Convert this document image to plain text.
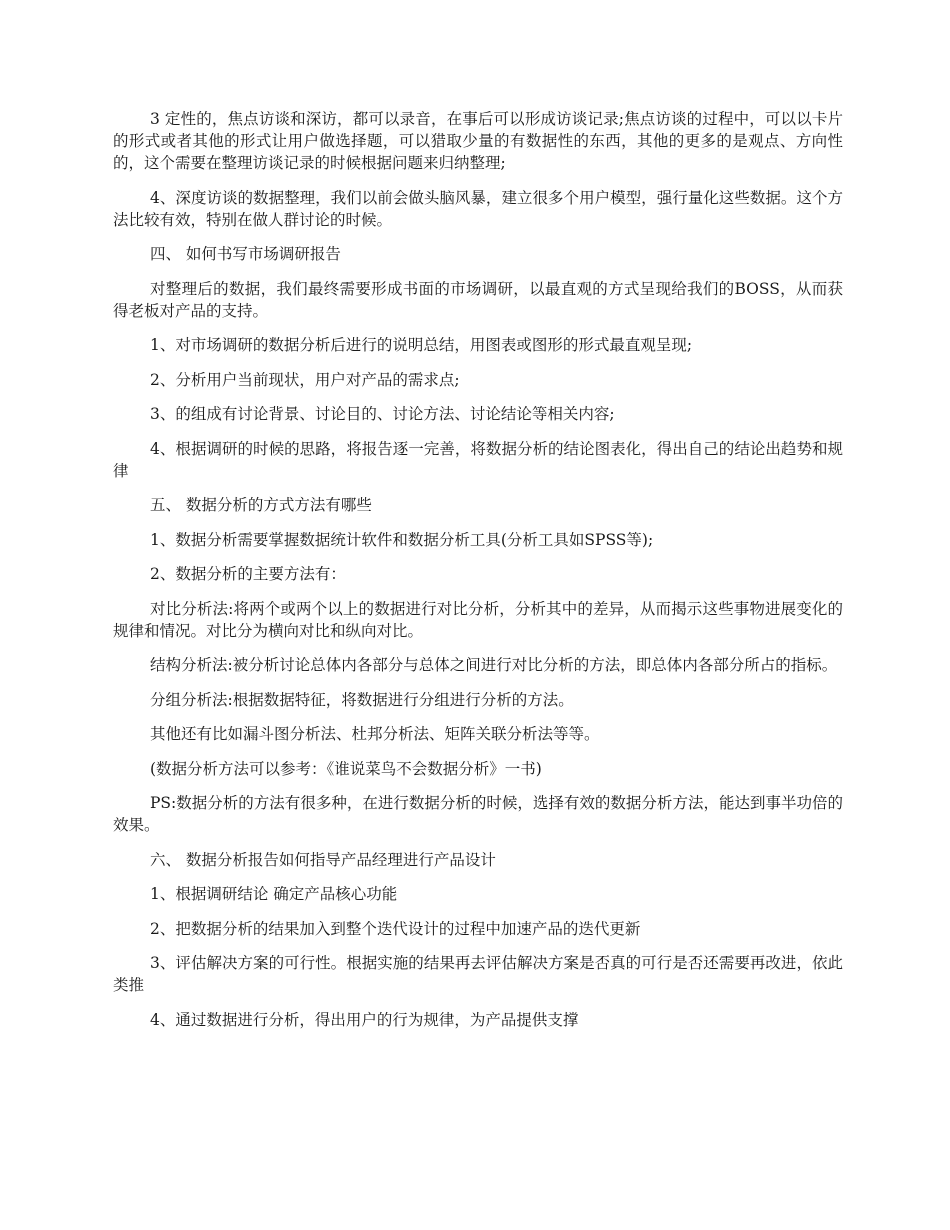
3 定性的，焦点访谈和深访，都可以录音，在事后可以形成访谈记录;焦点访谈的过程中，可以以卡片的形式或者其他的形式让用户做选择题，可以猎取少量的有数据性的东西，其他的更多的是观点、方向性的，这个需要在整理访谈记录的时候根据问题来归纳整理;

4、深度访谈的数据整理，我们以前会做头脑风暴，建立很多个用户模型，强行量化这些数据。这个方法比较有效，特别在做人群讨论的时候。

四、 如何书写市场调研报告

对整理后的数据，我们最终需要形成书面的市场调研，以最直观的方式呈现给我们的BOSS，从而获得老板对产品的支持。

1、对市场调研的数据分析后进行的说明总结，用图表或图形的形式最直观呈现;

2、分析用户当前现状，用户对产品的需求点;

3、的组成有讨论背景、讨论目的、讨论方法、讨论结论等相关内容;

4、根据调研的时候的思路，将报告逐一完善，将数据分析的结论图表化，得出自己的结论出趋势和规律

五、 数据分析的方式方法有哪些

1、数据分析需要掌握数据统计软件和数据分析工具(分析工具如SPSS等);

2、数据分析的主要方法有：

对比分析法:将两个或两个以上的数据进行对比分析，分析其中的差异，从而揭示这些事物进展变化的规律和情况。对比分为横向对比和纵向对比。

结构分析法:被分析讨论总体内各部分与总体之间进行对比分析的方法，即总体内各部分所占的指标。

分组分析法:根据数据特征，将数据进行分组进行分析的方法。

其他还有比如漏斗图分析法、杜邦分析法、矩阵关联分析法等等。

(数据分析方法可以参考：《谁说菜鸟不会数据分析》一书)

PS:数据分析的方法有很多种，在进行数据分析的时候，选择有效的数据分析方法，能达到事半功倍的效果。

六、 数据分析报告如何指导产品经理进行产品设计

1、根据调研结论 确定产品核心功能

2、把数据分析的结果加入到整个迭代设计的过程中加速产品的迭代更新

3、评估解决方案的可行性。根据实施的结果再去评估解决方案是否真的可行是否还需要再改进，依此类推

4、通过数据进行分析，得出用户的行为规律，为产品提供支撑
